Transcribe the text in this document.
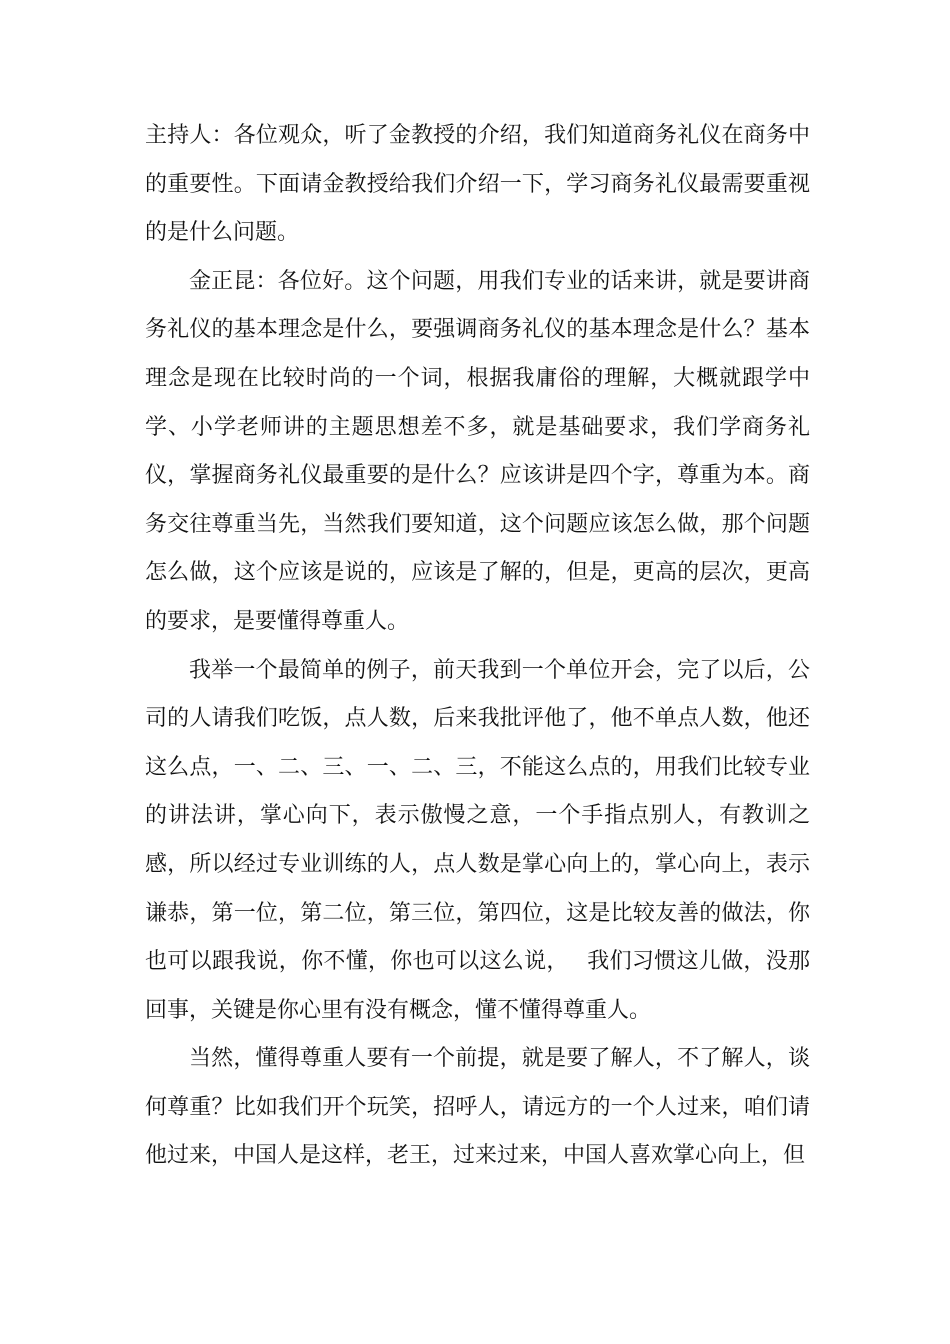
主持人：各位观众，听了金教授的介绍，我们知道商务礼仪在商务中的重要性。下面请金教授给我们介绍一下，学习商务礼仪最需要重视的是什么问题。

金正昆：各位好。这个问题，用我们专业的话来讲，就是要讲商务礼仪的基本理念是什么，要强调商务礼仪的基本理念是什么？基本理念是现在比较时尚的一个词，根据我庸俗的理解，大概就跟学中学、小学老师讲的主题思想差不多，就是基础要求，我们学商务礼仪，掌握商务礼仪最重要的是什么？应该讲是四个字，尊重为本。商务交往尊重当先，当然我们要知道，这个问题应该怎么做，那个问题怎么做，这个应该是说的，应该是了解的，但是，更高的层次，更高的要求，是要懂得尊重人。

我举一个最简单的例子，前天我到一个单位开会，完了以后，公司的人请我们吃饭，点人数，后来我批评他了，他不单点人数，他还这么点，一、二、三、一、二、三，不能这么点的，用我们比较专业的讲法讲，掌心向下，表示傲慢之意，一个手指点别人，有教训之感，所以经过专业训练的人，点人数是掌心向上的，掌心向上，表示谦恭，第一位，第二位，第三位，第四位，这是比较友善的做法，你也可以跟我说，你不懂，你也可以这么说，　 我们习惯这儿做，没那回事，关键是你心里有没有概念，懂不懂得尊重人。

当然，懂得尊重人要有一个前提，就是要了解人，不了解人，谈何尊重？比如我们开个玩笑，招呼人，请远方的一个人过来，咱们请他过来，中国人是这样，老王，过来过来，中国人喜欢掌心向上，但
